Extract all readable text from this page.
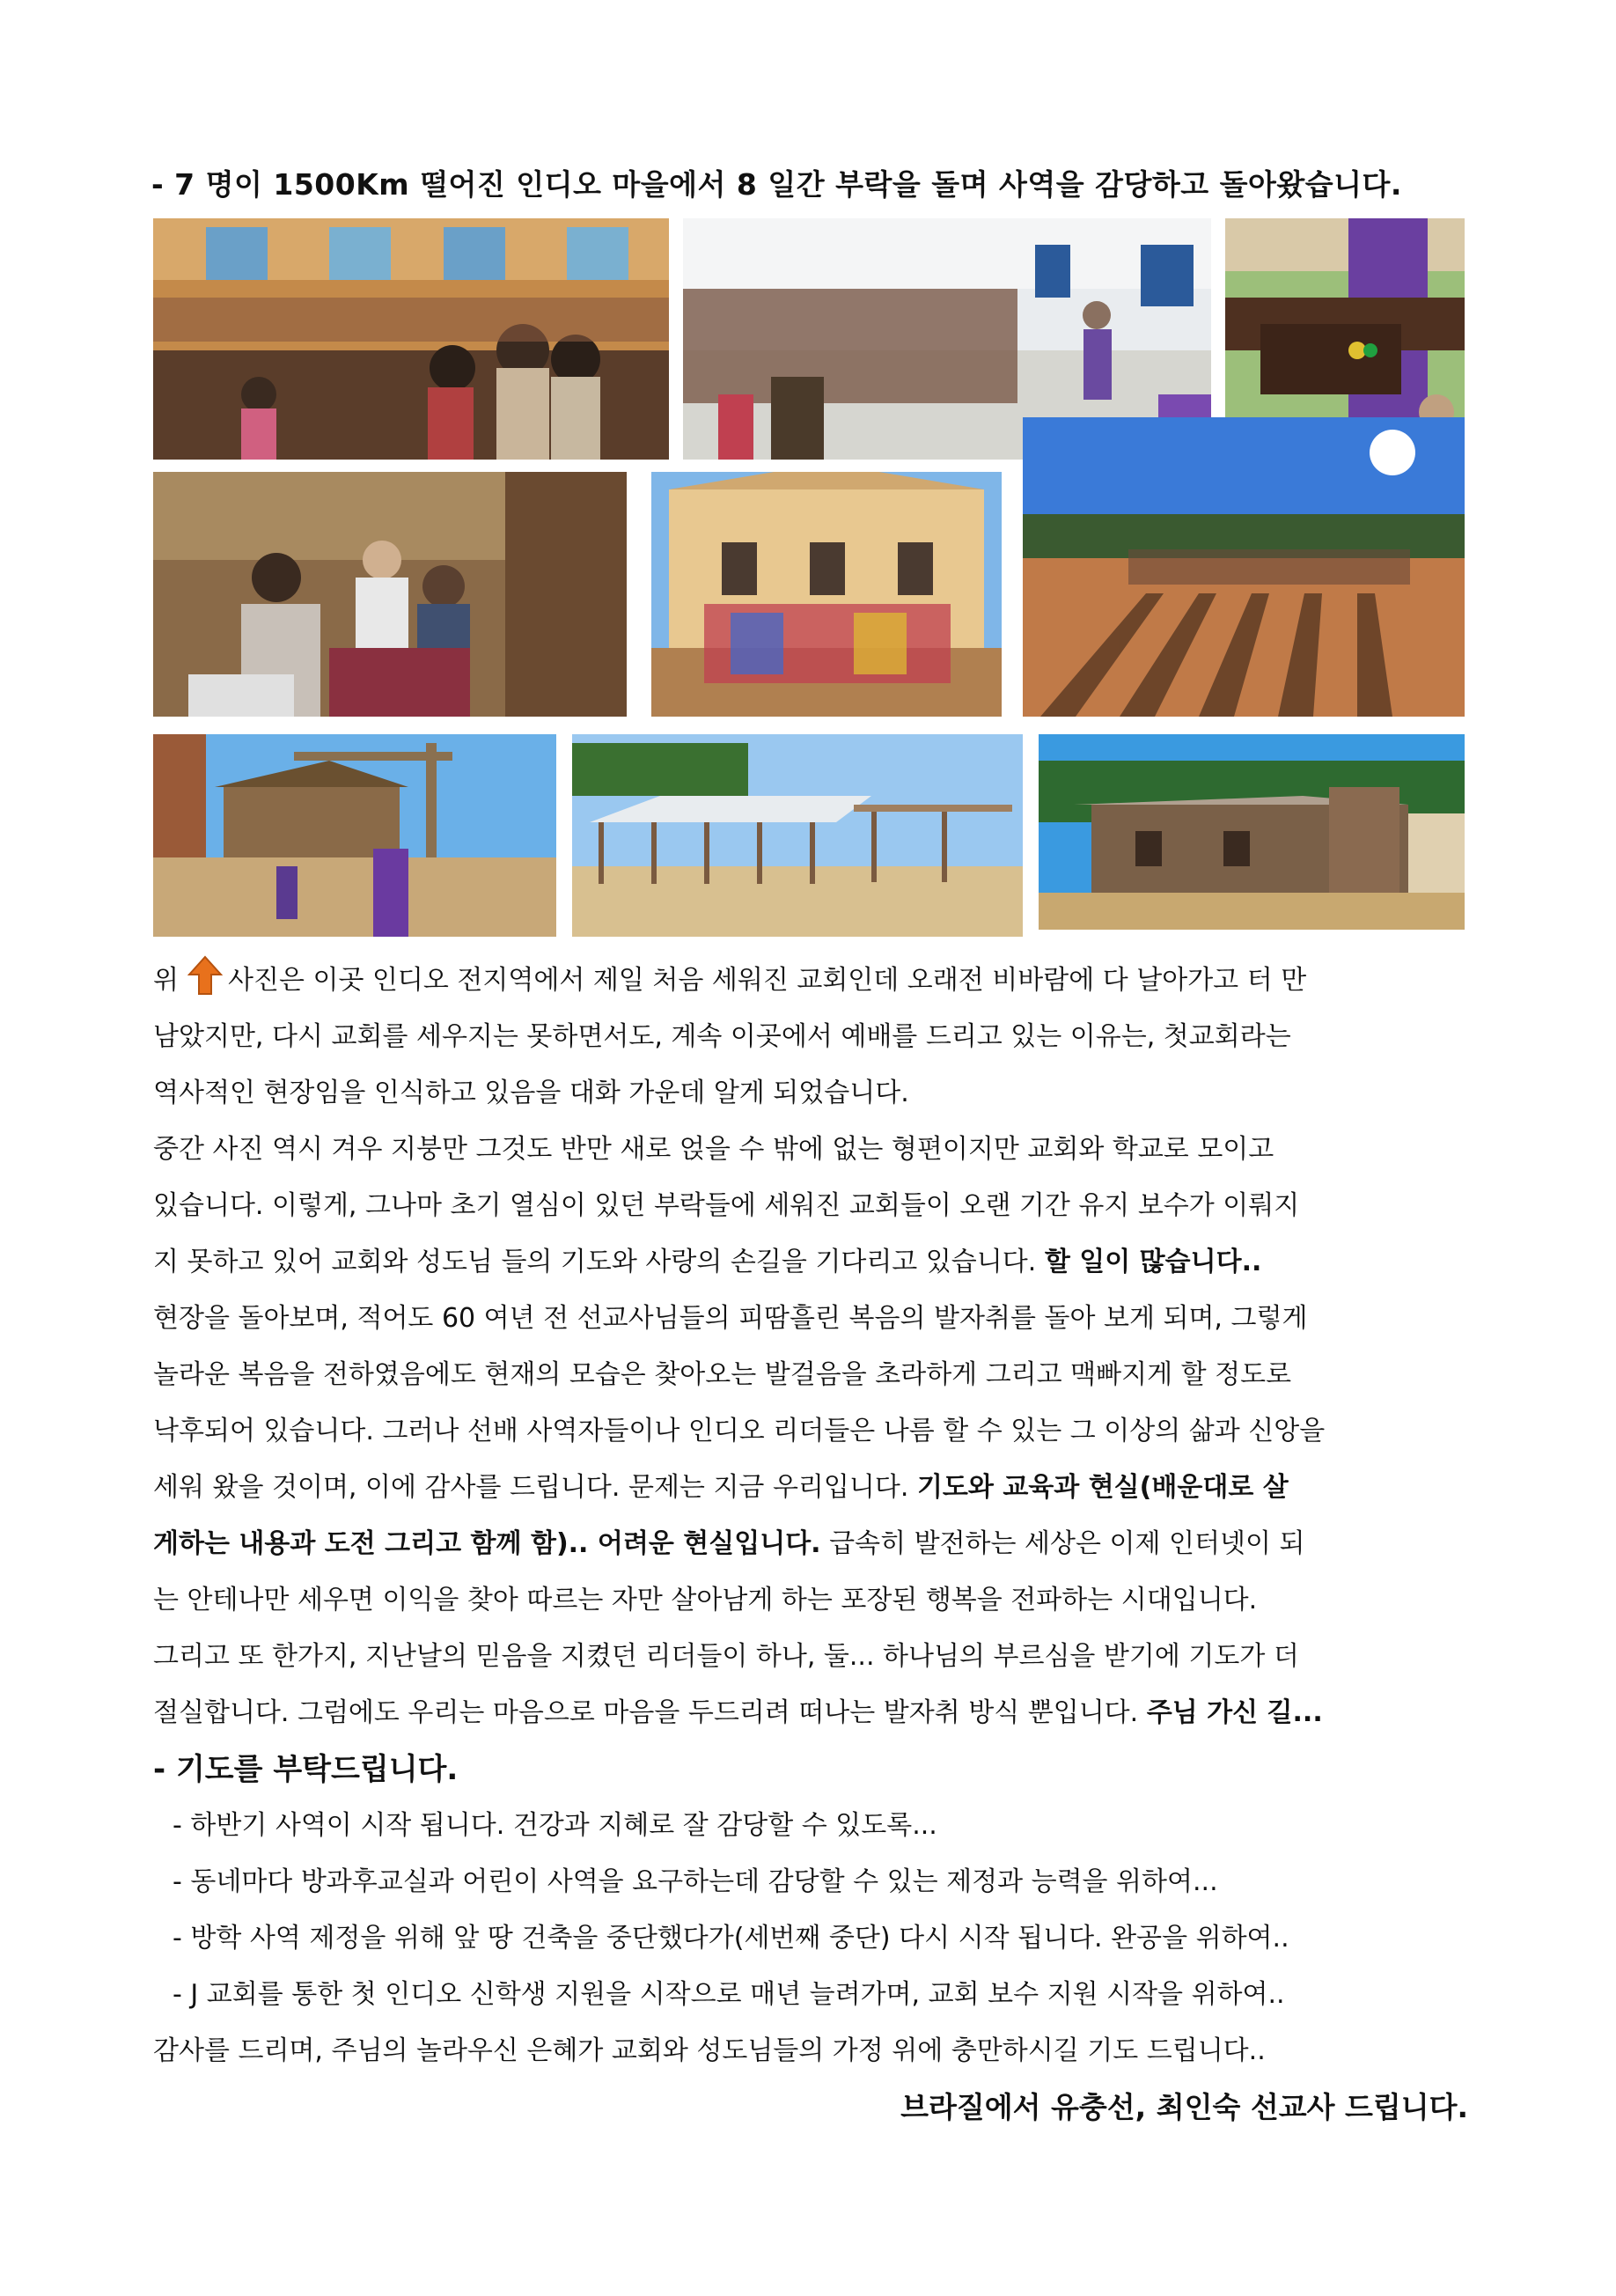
- 7 명이 1500Km 떨어진 인디오 마을에서 8 일간 부락을 돌며 사역을 감당하고 돌아왔습니다.
위 사진은 이곳 인디오 전지역에서 제일 처음 세워진 교회인데 오래전 비바람에 다 날아가고 터 만
남았지만, 다시 교회를 세우지는 못하면서도, 계속 이곳에서 예배를 드리고 있는 이유는, 첫교회라는
역사적인 현장임을 인식하고 있음을 대화 가운데 알게 되었습니다.
중간 사진 역시 겨우 지붕만 그것도 반만 새로 얹을 수 밖에 없는 형편이지만 교회와 학교로 모이고
있습니다. 이렇게, 그나마 초기 열심이 있던 부락들에 세워진 교회들이 오랜 기간 유지 보수가 이뤄지
지 못하고 있어 교회와 성도님 들의 기도와 사랑의 손길을 기다리고 있습니다. 할 일이 많습니다..
현장을 돌아보며, 적어도 60 여년 전 선교사님들의 피땀흘린 복음의 발자취를 돌아 보게 되며, 그렇게
놀라운 복음을 전하였음에도 현재의 모습은 찾아오는 발걸음을 초라하게 그리고 맥빠지게 할 정도로
낙후되어 있습니다. 그러나 선배 사역자들이나 인디오 리더들은 나름 할 수 있는 그 이상의 삶과 신앙을
세워 왔을 것이며, 이에 감사를 드립니다. 문제는 지금 우리입니다. 기도와 교육과 현실(배운대로 살
게하는 내용과 도전 그리고 함께 함).. 어려운 현실입니다. 급속히 발전하는 세상은 이제 인터넷이 되
는 안테나만 세우면 이익을 찾아 따르는 자만 살아남게 하는 포장된 행복을 전파하는 시대입니다.
그리고 또 한가지, 지난날의 믿음을 지켰던 리더들이 하나, 둘... 하나님의 부르심을 받기에 기도가 더
절실합니다. 그럼에도 우리는 마음으로 마음을 두드리려 떠나는 발자취 방식 뿐입니다. 주님 가신 길...
- 기도를 부탁드립니다.
- 하반기 사역이 시작 됩니다. 건강과 지혜로 잘 감당할 수 있도록...
- 동네마다 방과후교실과 어린이 사역을 요구하는데 감당할 수 있는 제정과 능력을 위하여...
- 방학 사역 제정을 위해 앞 땅 건축을 중단했다가(세번째 중단) 다시 시작 됩니다. 완공을 위하여..
- J 교회를 통한 첫 인디오 신학생 지원을 시작으로 매년 늘려가며, 교회 보수 지원 시작을 위하여..
감사를 드리며, 주님의 놀라우신 은혜가 교회와 성도님들의 가정 위에 충만하시길 기도 드립니다..
브라질에서 유충선, 최인숙 선교사 드립니다.
